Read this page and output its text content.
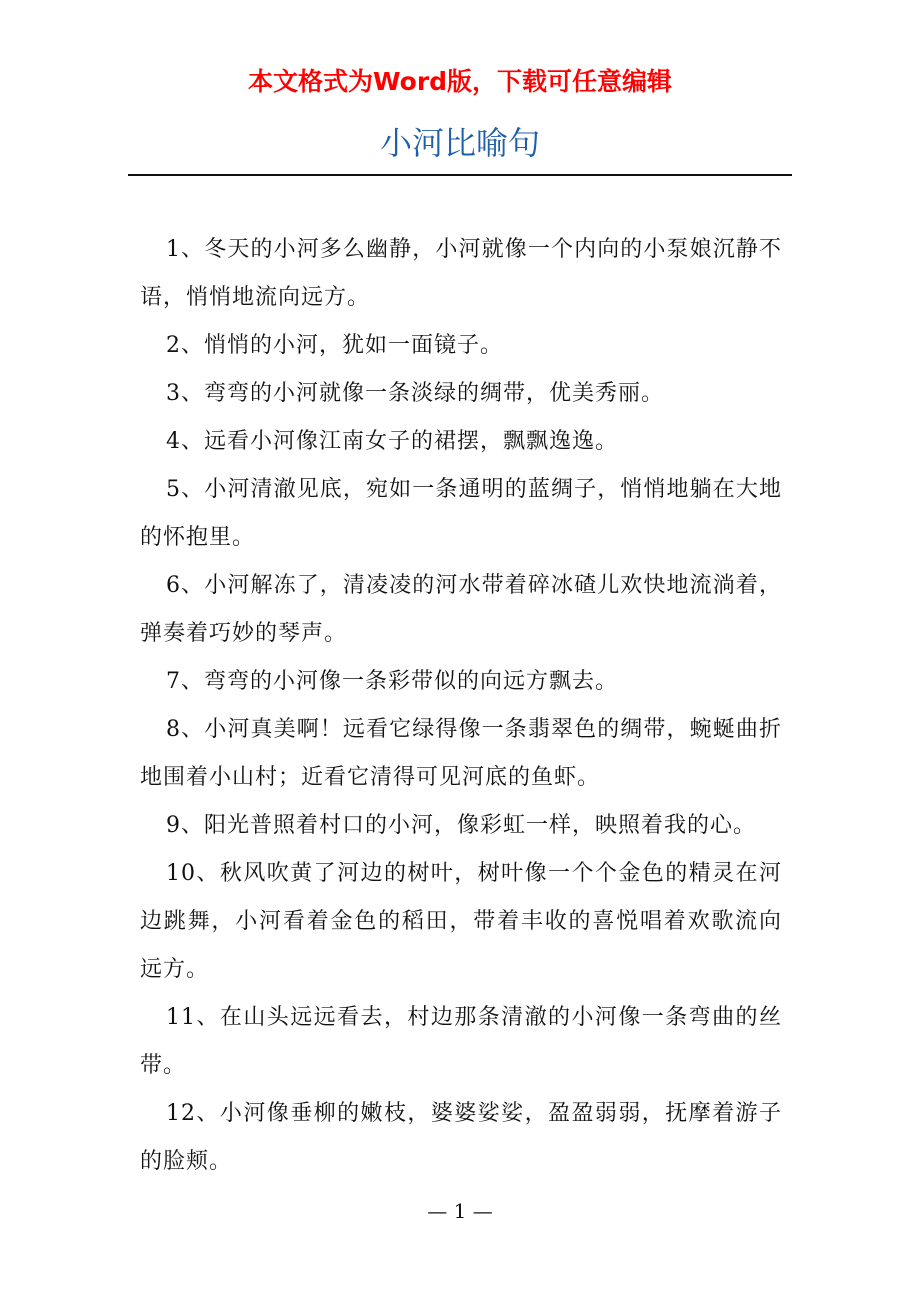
本文格式为Word版，下载可任意编辑

小河比喻句

1、冬天的小河多么幽静，小河就像一个内向的小泵娘沉静不语，悄悄地流向远方。

2、悄悄的小河，犹如一面镜子。

3、弯弯的小河就像一条淡绿的绸带，优美秀丽。

4、远看小河像江南女子的裙摆，飘飘逸逸。

5、小河清澈见底，宛如一条通明的蓝绸子，悄悄地躺在大地的怀抱里。

6、小河解冻了，清凌凌的河水带着碎冰碴儿欢快地流淌着，弹奏着巧妙的琴声。

7、弯弯的小河像一条彩带似的向远方飘去。

8、小河真美啊！远看它绿得像一条翡翠色的绸带，蜿蜒曲折地围着小山村；近看它清得可见河底的鱼虾。

9、阳光普照着村口的小河，像彩虹一样，映照着我的心。

10、秋风吹黄了河边的树叶，树叶像一个个金色的精灵在河边跳舞，小河看着金色的稻田，带着丰收的喜悦唱着欢歌流向远方。

11、在山头远远看去，村边那条清澈的小河像一条弯曲的丝带。

12、小河像垂柳的嫩枝，婆婆娑娑，盈盈弱弱，抚摩着游子的脸颊。

— 1 —
